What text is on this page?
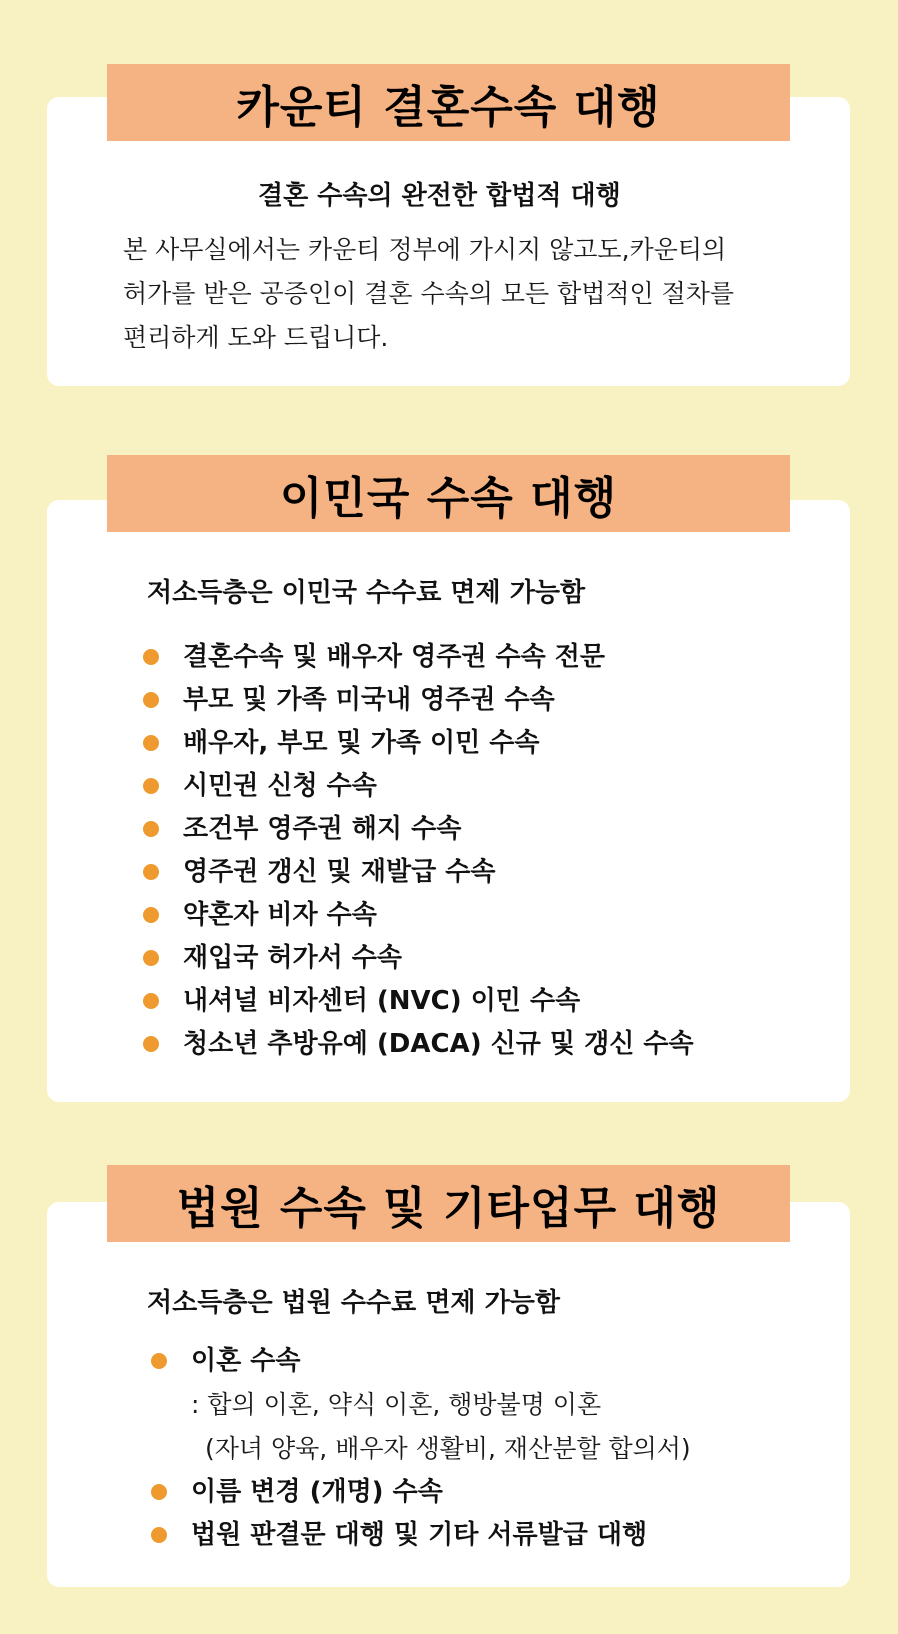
결혼 수속의 완전한 합법적 대행
본 사무실에서는 카운티 정부에 가시지 않고도,카운티의
허가를 받은 공증인이 결혼 수속의 모든 합법적인 절차를
편리하게 도와 드립니다.
카운티 결혼수속 대행
저소득층은 이민국 수수료 면제 가능함
결혼수속 및 배우자 영주권 수속 전문
부모 및 가족 미국내 영주권 수속
배우자, 부모 및 가족 이민 수속
시민권 신청 수속
조건부 영주권 해지 수속
영주권 갱신 및 재발급 수속
약혼자 비자 수속
재입국 허가서 수속
내셔널 비자센터 (NVC) 이민 수속
청소년 추방유예 (DACA) 신규 및 갱신 수속
이민국 수속 대행
저소득층은 법원 수수료 면제 가능함
이혼 수속
: 합의 이혼, 약식 이혼, 행방불명 이혼
(자녀 양육, 배우자 생활비, 재산분할 합의서)
이름 변경 (개명) 수속
법원 판결문 대행 및 기타 서류발급 대행
법원 수속 및 기타업무 대행
